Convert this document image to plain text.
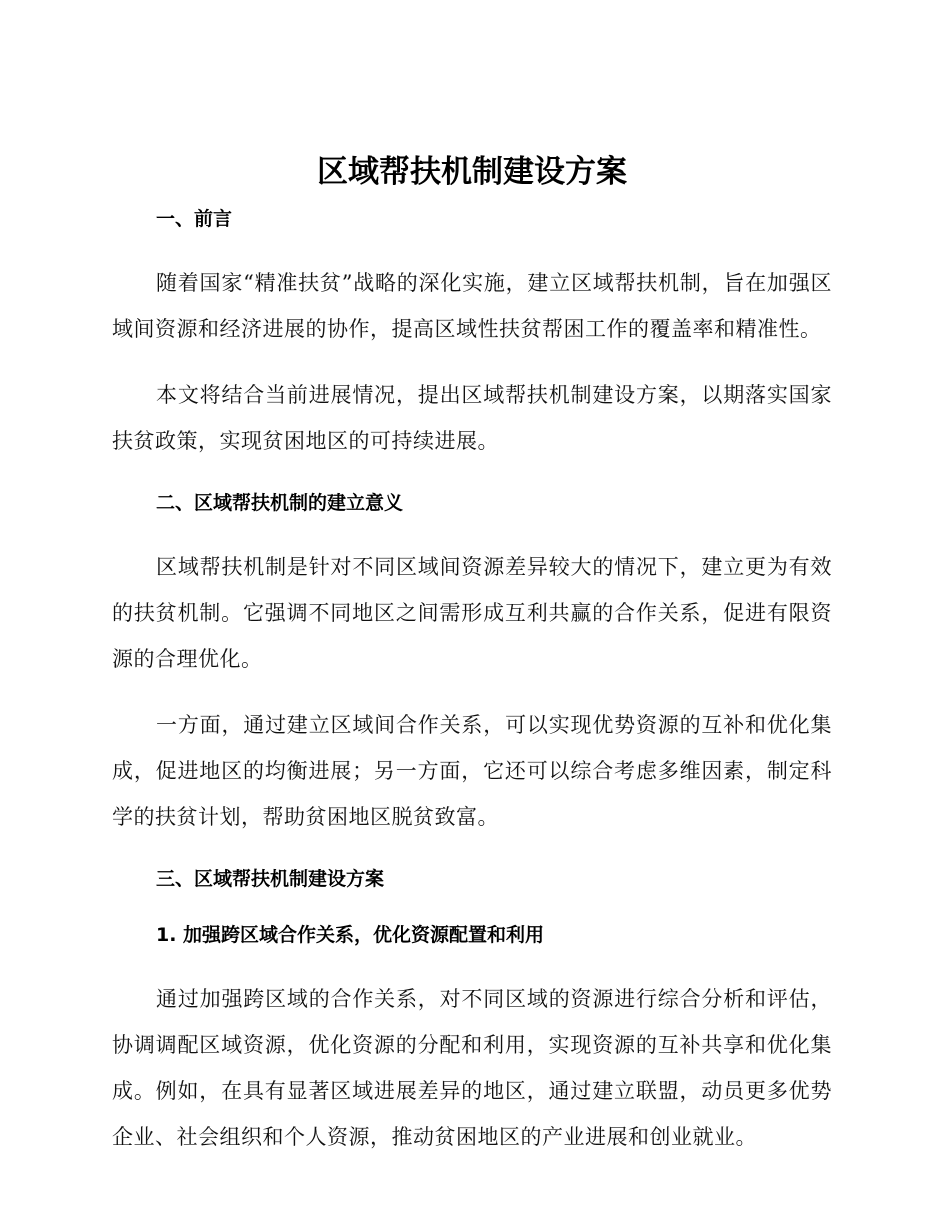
区域帮扶机制建设方案
一、前言

随着国家“精准扶贫”战略的深化实施，建立区域帮扶机制，旨在加强区域间资源和经济进展的协作，提高区域性扶贫帮困工作的覆盖率和精准性。

本文将结合当前进展情况，提出区域帮扶机制建设方案，以期落实国家扶贫政策，实现贫困地区的可持续进展。

二、区域帮扶机制的建立意义

区域帮扶机制是针对不同区域间资源差异较大的情况下，建立更为有效的扶贫机制。它强调不同地区之间需形成互利共赢的合作关系，促进有限资源的合理优化。

一方面，通过建立区域间合作关系，可以实现优势资源的互补和优化集成，促进地区的均衡进展；另一方面，它还可以综合考虑多维因素，制定科学的扶贫计划，帮助贫困地区脱贫致富。

三、区域帮扶机制建设方案
1. 加强跨区域合作关系，优化资源配置和利用

通过加强跨区域的合作关系，对不同区域的资源进行综合分析和评估，协调调配区域资源，优化资源的分配和利用，实现资源的互补共享和优化集成。例如，在具有显著区域进展差异的地区，通过建立联盟，动员更多优势企业、社会组织和个人资源，推动贫困地区的产业进展和创业就业。
